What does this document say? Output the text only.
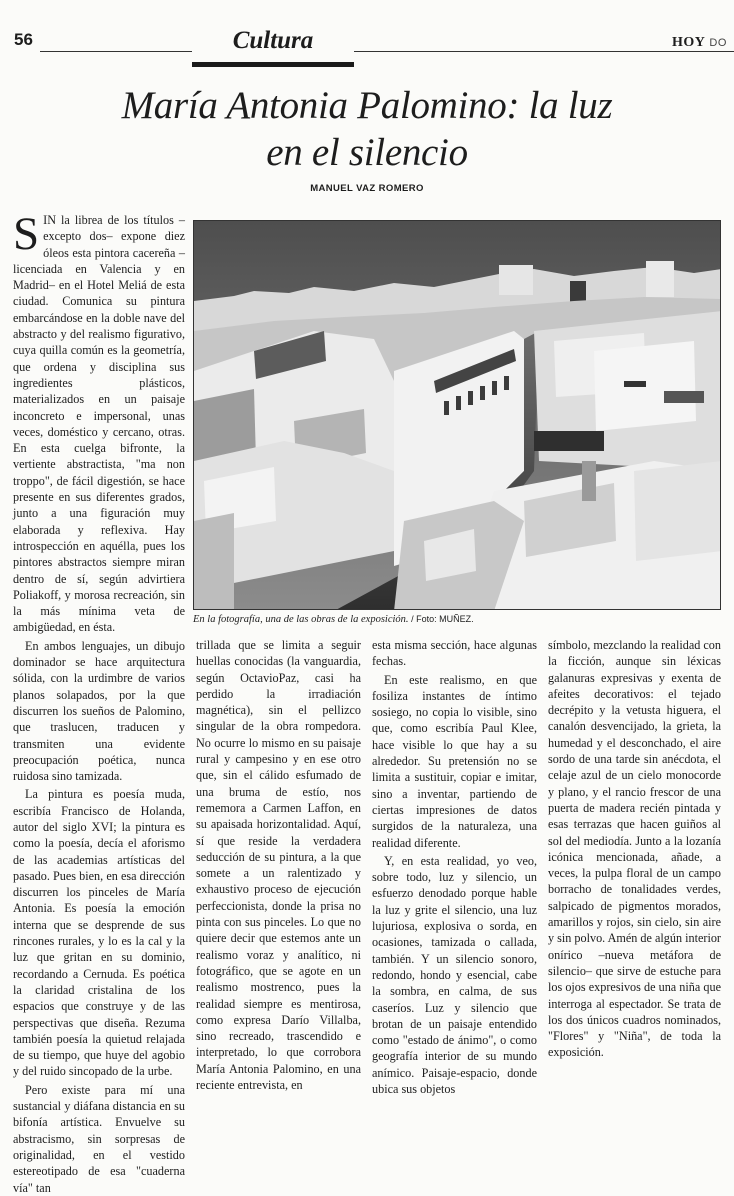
56	Cultura	HOY DO
María Antonia Palomino: la luz
en el silencio
MANUEL VAZ ROMERO

SIN la librea de los títulos –excepto dos– expone diez óleos esta pintora cacereña –licenciada en Valencia y en Madrid– en el Hotel Meliá de esta ciudad. Comunica su pintura embarcándose en la doble nave del abstracto y del realismo figurativo, cuya quilla común es la geometría, que ordena y disciplina sus ingredientes plásticos, materializados en un paisaje inconcreto e impersonal, unas veces, doméstico y cercano, otras. En esta cuelga bifronte, la vertiente abstractista, "ma non troppo", de fácil digestión, se hace presente en sus diferentes grados, junto a una figuración muy elaborada y reflexiva. Hay introspección en aquélla, pues los pintores abstractos siempre miran dentro de sí, según advirtiera Poliakoff, y morosa recreación, sin la más mínima veta de ambigüedad, en ésta.

En ambos lenguajes, un dibujo dominador se hace arquitectura sólida, con la urdimbre de varios planos solapados, por la que discurren los sueños de Palomino, que traslucen, traducen y transmiten una evidente preocupación poética, nunca ruidosa sino tamizada.

La pintura es poesía muda, escribía Francisco de Holanda, autor del siglo XVI; la pintura es como la poesía, decía el aforismo de las academias artísticas del pasado. Pues bien, en esa dirección discurren los pinceles de María Antonia. Es poesía la emoción interna que se desprende de sus rincones rurales, y lo es la cal y la luz que gritan en su dominio, recordando a Cernuda. Es poética la claridad cristalina de los espacios que construye y de las perspectivas que diseña. Rezuma también poesía la quietud relajada de su tiempo, que huye del agobio y del ruido sincopado de la urbe.

Pero existe para mí una sustancial y diáfana distancia en su bifonía artística. Envuelve su abstracismo, sin sorpresas de originalidad, en el vestido estereotipado de esa "cuaderna vía" tan

En la fotografía, una de las obras de la exposición. / Foto: MUÑEZ.

trillada que se limita a seguir huellas conocidas (la vanguardia, según OctavioPaz, casi ha perdido la irradiación magnética), sin el pellizco singular de la obra rompedora. No ocurre lo mismo en su paisaje rural y campesino y en ese otro que, sin el cálido esfumado de una bruma de estío, nos rememora a Carmen Laffon, en su apaisada horizontalidad. Aquí, sí que reside la verdadera seducción de su pintura, a la que somete a un ralentizado y exhaustivo proceso de ejecución perfeccionista, donde la prisa no pinta con sus pinceles. Lo que no quiere decir que estemos ante un realismo voraz y analítico, ni fotográfico, que se agote en un realismo mostrenco, pues la realidad siempre es mentirosa, como expresa Darío Villalba, sino recreado, trascendido e interpretado, lo que corrobora María Antonia Palomino, en una reciente entrevista, en

esta misma sección, hace algunas fechas.

En este realismo, en que fosiliza instantes de íntimo sosiego, no copia lo visible, sino que, como escribía Paul Klee, hace visible lo que hay a su alrededor. Su pretensión no se limita a sustituir, copiar e imitar, sino a inventar, partiendo de ciertas impresiones de datos surgidos de la naturaleza, una realidad diferente.

Y, en esta realidad, yo veo, sobre todo, luz y silencio, un esfuerzo denodado porque hable la luz y grite el silencio, una luz lujuriosa, explosiva o sorda, en ocasiones, tamizada o callada, también. Y un silencio sonoro, redondo, hondo y esencial, cabe la sombra, en calma, de sus caseríos. Luz y silencio que brotan de un paisaje entendido como "estado de ánimo", o como geografía interior de su mundo anímico. Paisaje-espacio, donde ubica sus objetos

símbolo, mezclando la realidad con la ficción, aunque sin léxicas galanuras expresivas y exenta de afeites decorativos: el tejado decrépito y la vetusta higuera, el canalón desvencijado, la grieta, la humedad y el desconchado, el aire sordo de una tarde sin anécdota, el celaje azul de un cielo monocorde y plano, y el rancio frescor de una puerta de madera recién pintada y esas terrazas que hacen guiños al sol del mediodía. Junto a la lozanía icónica mencionada, añade, a veces, la pulpa floral de un campo borracho de tonalidades verdes, salpicado de pigmentos morados, amarillos y rojos, sin cielo, sin aire y sin polvo. Amén de algún interior onírico –nueva metáfora de silencio– que sirve de estuche para los ojos expresivos de una niña que interroga al espectador. Se trata de los dos únicos cuadros nominados, "Flores" y "Niña", de toda la exposición.
